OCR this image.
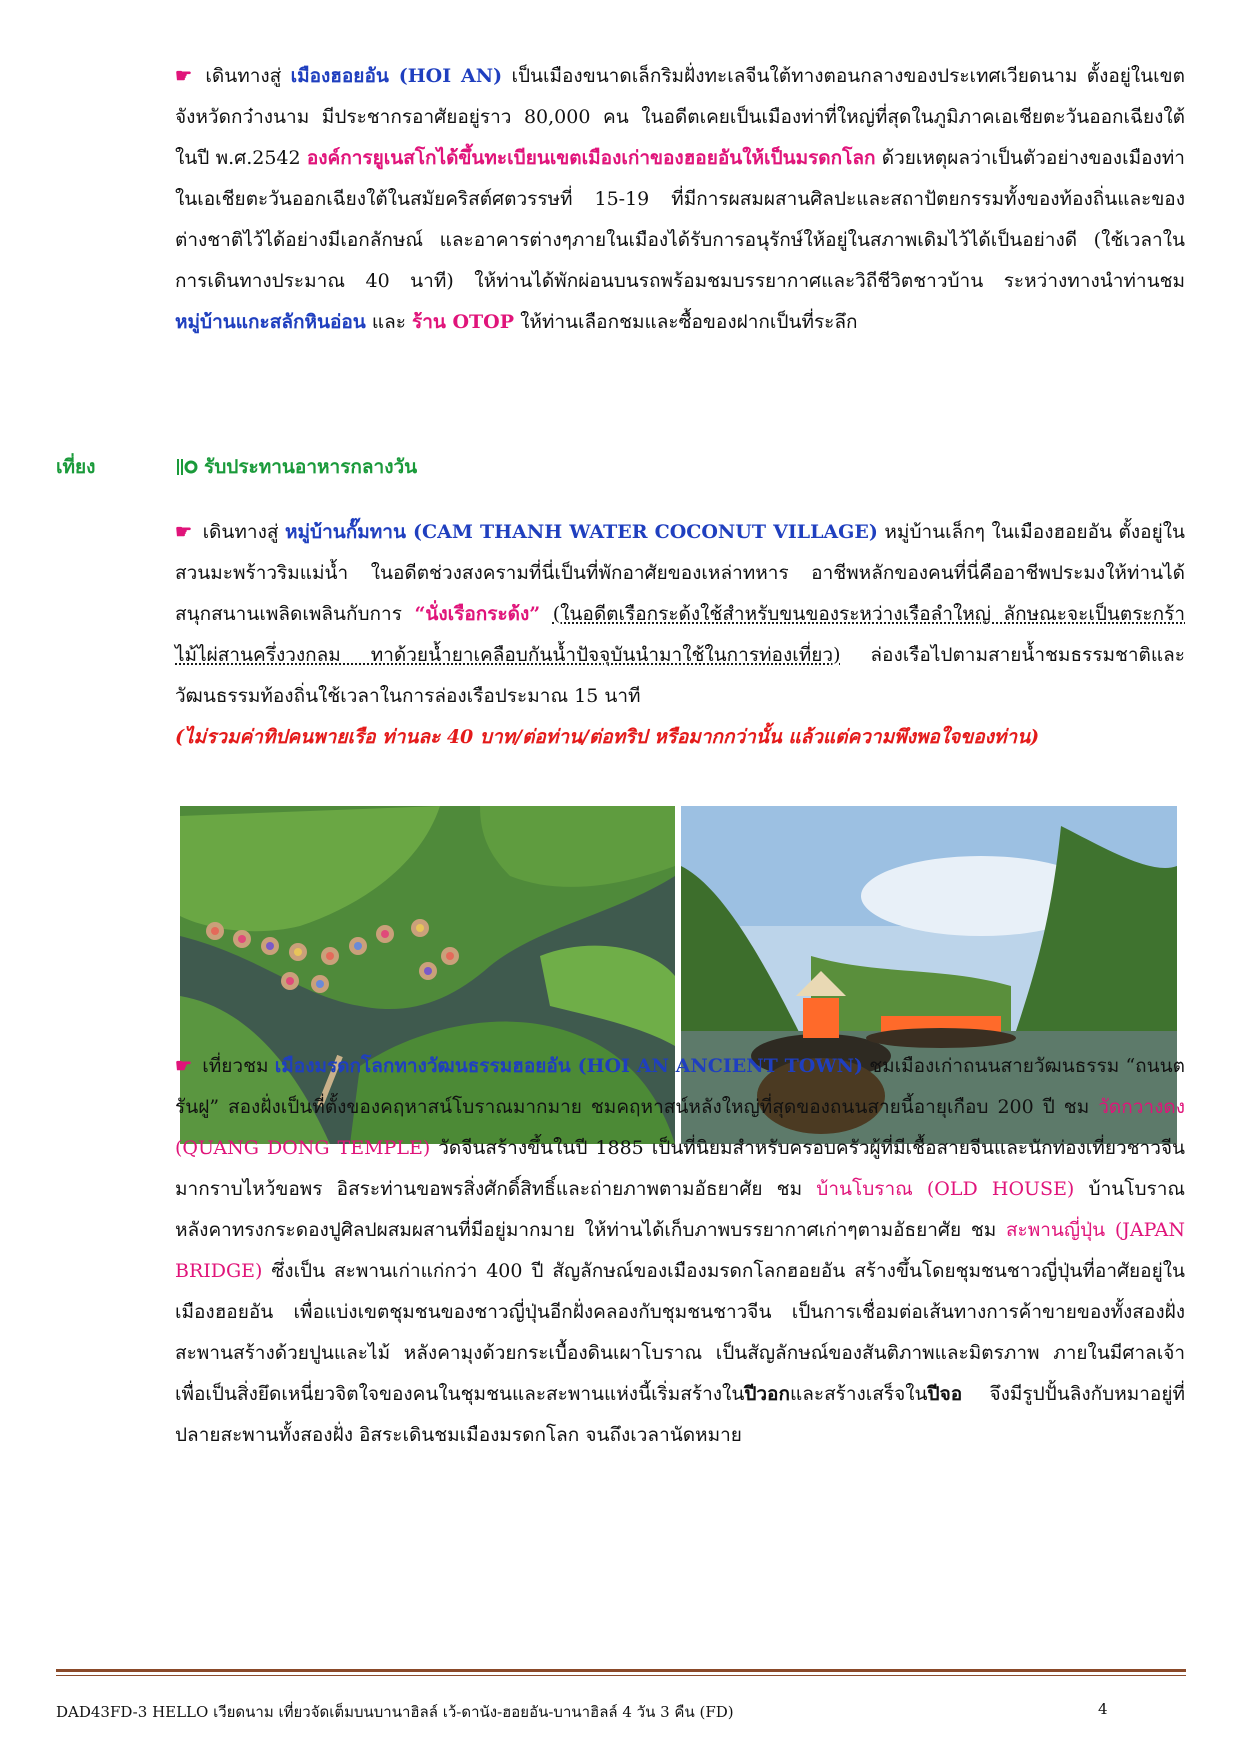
☛ เดินทางสู่ เมืองฮอยอัน (HOI AN) เป็นเมืองขนาดเล็กริมฝั่งทะเลจีนใต้ทางตอนกลางของประเทศเวียดนาม ตั้งอยู่ในเขตจังหวัดกว๋างนาม มีประชากรอาศัยอยู่ราว 80,000 คน ในอดีตเคยเป็นเมืองท่าที่ใหญ่ที่สุดในภูมิภาคเอเชียตะวันออกเฉียงใต้ ในปี พ.ศ.2542 องค์การยูเนสโกได้ขึ้นทะเบียนเขตเมืองเก่าของฮอยอันให้เป็นมรดกโลก ด้วยเหตุผลว่าเป็นตัวอย่างของเมืองท่าในเอเชียตะวันออกเฉียงใต้ในสมัยคริสต์ศตวรรษที่ 15-19 ที่มีการผสมผสานศิลปะและสถาปัตยกรรมทั้งของท้องถิ่นและของต่างชาติไว้ได้อย่างมีเอกลักษณ์ และอาคารต่างๆภายในเมืองได้รับการอนุรักษ์ให้อยู่ในสภาพเดิมไว้ได้เป็นอย่างดี (ใช้เวลาในการเดินทางประมาณ 40 นาที) ให้ท่านได้พักผ่อนบนรถพร้อมชมบรรยากาศและวิถีชีวิตชาวบ้าน ระหว่างทางนำท่านชม หมู่บ้านแกะสลักหินอ่อน และ ร้าน OTOP ให้ท่านเลือกชมและซื้อของฝากเป็นที่ระลึก

เที่ยง	รับประทานอาหารกลางวัน

☛ เดินทางสู่ หมู่บ้านกั๊มทาน (CAM THANH WATER COCONUT VILLAGE) หมู่บ้านเล็กๆ ในเมืองฮอยอัน ตั้งอยู่ในสวนมะพร้าวริมแม่น้ำ ในอดีตช่วงสงครามที่นี่เป็นที่พักอาศัยของเหล่าทหาร อาชีพหลักของคนที่นี่คืออาชีพประมงให้ท่านได้สนุกสนานเพลิดเพลินกับการ “นั่งเรือกระด้ง” (ในอดีตเรือกระด้งใช้สำหรับขนของระหว่างเรือลำใหญ่ ลักษณะจะเป็นตระกร้าไม้ไผ่สานครึ่งวงกลม ทาด้วยน้ำยาเคลือบกันน้ำปัจจุบันนำมาใช้ในการท่องเที่ยว) ล่องเรือไปตามสายน้ำชมธรรมชาติและวัฒนธรรมท้องถิ่นใช้เวลาในการล่องเรือประมาณ 15 นาที

(ไม่รวมค่าทิปคนพายเรือ ท่านละ 40 บาท/ต่อท่าน/ต่อทริป หรือมากกว่านั้น แล้วแต่ความพึงพอใจของท่าน)

☛ เที่ยวชม เมืองมรดกโลกทางวัฒนธรรมฮอยอัน (HOI AN ANCIENT TOWN) ชมเมืองเก่าถนนสายวัฒนธรรม “ถนนตรันฝู” สองฝั่งเป็นที่ตั้งของคฤหาสน์โบราณมากมาย ชมคฤหาสน์หลังใหญ่ที่สุดของถนนสายนี้อายุเกือบ 200 ปี ชม วัดกวางดง (QUANG DONG TEMPLE) วัดจีนสร้างขึ้นในปี 1885 เป็นที่นิยมสำหรับครอบครัวผู้ที่มีเชื้อสายจีนและนักท่องเที่ยวชาวจีนมากราบไหว้ขอพร อิสระท่านขอพรสิ่งศักดิ์สิทธิ์และถ่ายภาพตามอัธยาศัย ชม บ้านโบราณ (OLD HOUSE) บ้านโบราณหลังคาทรงกระดองปูศิลปผสมผสานที่มีอยู่มากมาย ให้ท่านได้เก็บภาพบรรยากาศเก่าๆตามอัธยาศัย ชม สะพานญี่ปุ่น (JAPAN BRIDGE) ซึ่งเป็น สะพานเก่าแก่กว่า 400 ปี สัญลักษณ์ของเมืองมรดกโลกฮอยอัน สร้างขึ้นโดยชุมชนชาวญี่ปุ่นที่อาศัยอยู่ในเมืองฮอยอัน เพื่อแบ่งเขตชุมชนของชาวญี่ปุ่นอีกฝั่งคลองกับชุมชนชาวจีน เป็นการเชื่อมต่อเส้นทางการค้าขายของทั้งสองฝั่ง สะพานสร้างด้วยปูนและไม้ หลังคามุงด้วยกระเบื้องดินเผาโบราณ เป็นสัญลักษณ์ของสันติภาพและมิตรภาพ ภายในมีศาลเจ้าเพื่อเป็นสิ่งยึดเหนี่ยวจิตใจของคนในชุมชนและสะพานแห่งนี้เริ่มสร้างในปีวอกและสร้างเสร็จในปีจอ จึงมีรูปปั้นลิงกับหมาอยู่ที่ปลายสะพานทั้งสองฝั่ง อิสระเดินชมเมืองมรดกโลก จนถึงเวลานัดหมาย

DAD43FD-3 HELLO เวียดนาม เที่ยวจัดเต็มบนบานาฮิลล์ เว้-ดานัง-ฮอยอัน-บานาฮิลล์ 4 วัน 3 คืน (FD)	4
